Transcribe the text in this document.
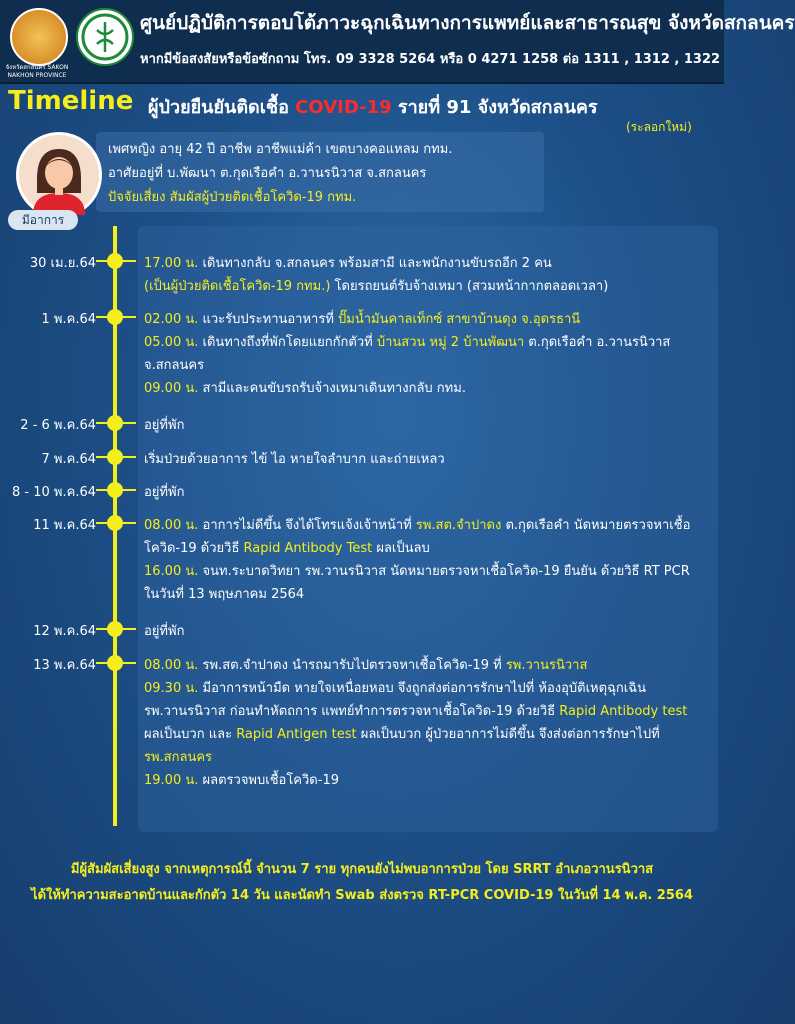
จังหวัดสกลนคร SAKON NAKHON PROVINCE
ศูนย์ปฏิบัติการตอบโต้ภาวะฉุกเฉินทางการแพทย์และสาธารณสุข จังหวัดสกลนคร
หากมีข้อสงสัยหรือข้อซักถาม โทร. 09 3328 5264 หรือ 0 4271 1258 ต่อ 1311 , 1312 , 1322
Timeline ผู้ป่วยยืนยันติดเชื้อ COVID-19 รายที่ 91 จังหวัดสกลนคร
(ระลอกใหม่)
เพศหญิง อายุ 42 ปี อาชีพ อาชีพแม่ค้า เขตบางคอแหลม กทม.
อาศัยอยู่ที่ บ.พัฒนา ต.กุดเรือคำ อ.วานรนิวาส จ.สกลนคร
ปัจจัยเสี่ยง สัมผัสผู้ป่วยติดเชื้อโควิด-19 กทม.
มีอาการ
30 เม.ย.64	17.00 น. เดินทางกลับ จ.สกลนคร พร้อมสามี และพนักงานขับรถอีก 2 คน
(เป็นผู้ป่วยติดเชื้อโควิด-19 กทม.) โดยรถยนต์รับจ้างเหมา (สวมหน้ากากตลอดเวลา)
1 พ.ค.64	02.00 น. แวะรับประทานอาหารที่ ปั๊มน้ำมันคาลเท็กซ์ สาขาบ้านดุง จ.อุดรธานี
05.00 น. เดินทางถึงที่พักโดยแยกกักตัวที่ บ้านสวน หมู่ 2 บ้านพัฒนา ต.กุดเรือคำ อ.วานรนิวาส
จ.สกลนคร
09.00 น. สามีและคนขับรถรับจ้างเหมาเดินทางกลับ กทม.
2 - 6 พ.ค.64	อยู่ที่พัก
7 พ.ค.64	เริ่มป่วยด้วยอาการ ไข้ ไอ หายใจลำบาก และถ่ายเหลว
8 - 10 พ.ค.64	อยู่ที่พัก
11 พ.ค.64	08.00 น. อาการไม่ดีขึ้น จึงได้โทรแจ้งเจ้าหน้าที่ รพ.สต.จำปาดง ต.กุดเรือคำ นัดหมายตรวจหาเชื้อ
โควิด-19 ด้วยวิธี Rapid Antibody Test ผลเป็นลบ
16.00 น. จนท.ระบาดวิทยา รพ.วานรนิวาส นัดหมายตรวจหาเชื้อโควิด-19 ยืนยัน ด้วยวิธี RT PCR
ในวันที่ 13 พฤษภาคม 2564
12 พ.ค.64	อยู่ที่พัก
13 พ.ค.64	08.00 น. รพ.สต.จำปาดง นำรถมารับไปตรวจหาเชื้อโควิด-19 ที่ รพ.วานรนิวาส
09.30 น. มีอาการหน้ามืด หายใจเหนื่อยหอบ จึงถูกส่งต่อการรักษาไปที่ ห้องอุบัติเหตุฉุกเฉิน
รพ.วานรนิวาส ก่อนทำหัตถการ แพทย์ทำการตรวจหาเชื้อโควิด-19 ด้วยวิธี Rapid Antibody test
ผลเป็นบวก และ Rapid Antigen test ผลเป็นบวก ผู้ป่วยอาการไม่ดีขึ้น จึงส่งต่อการรักษาไปที่
รพ.สกลนคร
19.00 น. ผลตรวจพบเชื้อโควิด-19
มีผู้สัมผัสเสี่ยงสูง จากเหตุการณ์นี้ จำนวน 7 ราย ทุกคนยังไม่พบอาการป่วย โดย SRRT อำเภอวานรนิวาส
ได้ให้ทำความสะอาดบ้านและกักตัว 14 วัน และนัดทำ Swab ส่งตรวจ RT-PCR COVID-19 ในวันที่ 14 พ.ค. 2564
